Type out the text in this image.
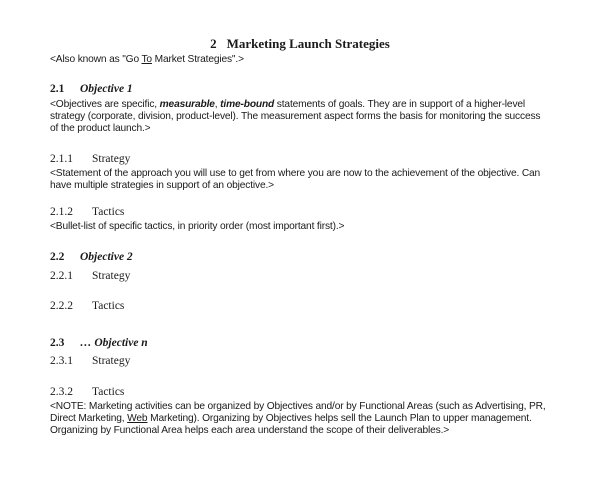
2 Marketing Launch Strategies
<Also known as "Go To Market Strategies".>
2.1 Objective 1
<Objectives are specific, measurable, time-bound statements of goals. They are in support of a higher-level strategy (corporate, division, product-level). The measurement aspect forms the basis for monitoring the success of the product launch.>
2.1.1 Strategy
<Statement of the approach you will use to get from where you are now to the achievement of the objective. Can have multiple strategies in support of an objective.>
2.1.2 Tactics
<Bullet-list of specific tactics, in priority order (most important first).>
2.2 Objective 2
2.2.1 Strategy
2.2.2 Tactics
2.3 … Objective n
2.3.1 Strategy
2.3.2 Tactics
<NOTE: Marketing activities can be organized by Objectives and/or by Functional Areas (such as Advertising, PR, Direct Marketing, Web Marketing). Organizing by Objectives helps sell the Launch Plan to upper management. Organizing by Functional Area helps each area understand the scope of their deliverables.>
